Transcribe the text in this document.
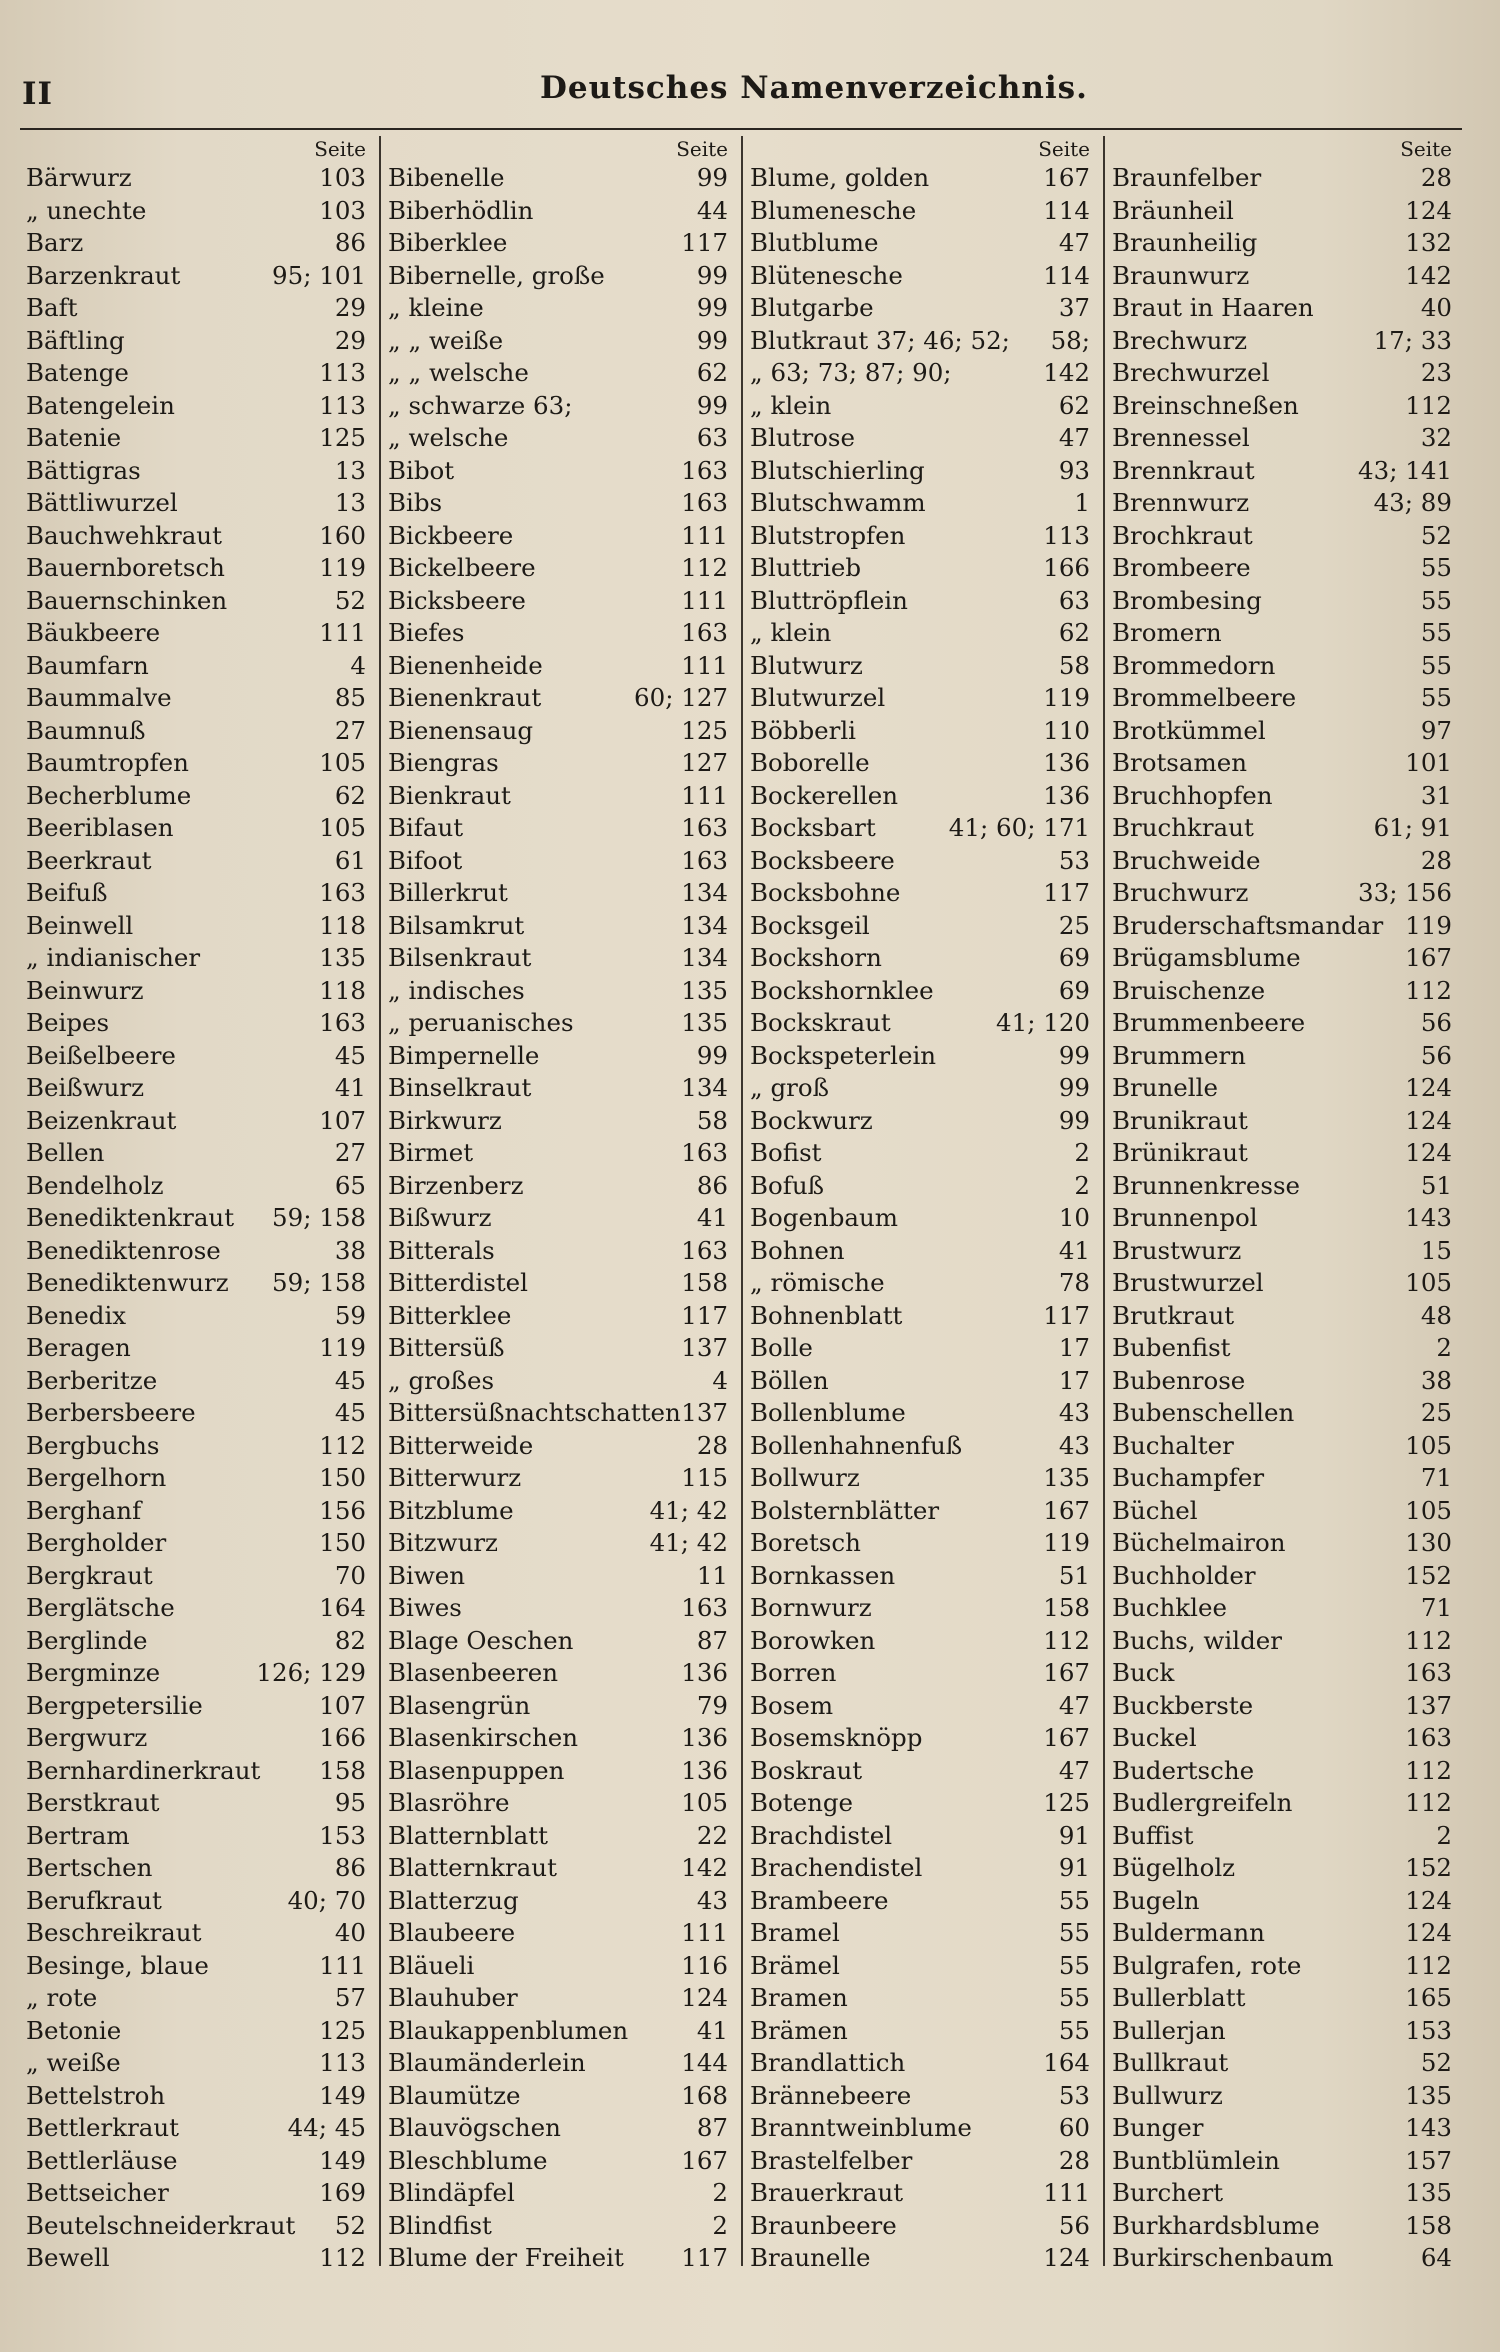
II	Deutsches Namenverzeichnis.
Seite
Bärwurz	103
„ unechte	103
Barz	86
Barzenkraut	95; 101
Baft	29
Bäftling	29
Batenge	113
Batengelein	113
Batenie	125
Bättigras	13
Bättliwurzel	13
Bauchwehkraut	160
Bauernboretsch	119
Bauernschinken	52
Bäukbeere	111
Baumfarn	4
Baummalve	85
Baumnuß	27
Baumtropfen	105
Becherblume	62
Beeriblasen	105
Beerkraut	61
Beifuß	163
Beinwell	118
„ indianischer	135
Beinwurz	118
Beipes	163
Beißelbeere	45
Beißwurz	41
Beizenkraut	107
Bellen	27
Bendelholz	65
Benediktenkraut 59; 158
Benediktenrose	38
Benediktenwurz 59; 158
Benedix	59
Beragen	119
Berberitze	45
Berbersbeere	45
Bergbuchs	112
Bergelhorn	150
Berghanf	156
Bergholder	150
Bergkraut	70
Berglätsche	164
Berglinde	82
Bergminze	126; 129
Bergpetersilie	107
Bergwurz	166
Bernhardinerkraut 158
Berstkraut	95
Bertram	153
Bertschen	86
Berufkraut	40; 70
Beschreikraut	40
Besinge, blaue	111
„ rote	57
Betonie	125
„ weiße	113
Bettelstroh	149
Bettlerkraut	44; 45
Bettlerläuse	149
Bettseicher	169
Beutelschneiderkraut 52
Bewell	112
Seite
Bibenelle	99
Biberhödlin	44
Biberklee	117
Bibernelle, große	99
„ kleine	99
„ „ weiße	99
„ „ welsche	62
„ schwarze 63;	99
„ welsche	63
Bibot	163
Bibs	163
Bickbeere	111
Bickelbeere	112
Bicksbeere	111
Biefes	163
Bienenheide	111
Bienenkraut	60; 127
Bienensaug	125
Biengras	127
Bienkraut	111
Bifaut	163
Bifoot	163
Billerkrut	134
Bilsamkrut	134
Bilsenkraut	134
„ indisches	135
„ peruanisches	135
Bimpernelle	99
Binselkraut	134
Birkwurz	58
Birmet	163
Birzenberz	86
Bißwurz	41
Bitterals	163
Bitterdistel	158
Bitterklee	117
Bittersüß	137
„ großes	4
Bittersüßnachtschatten 137
Bitterweide	28
Bitterwurz	115
Bitzblume	41; 42
Bitzwurz	41; 42
Biwen	11
Biwes	163
Blage Oeschen	87
Blasenbeeren	136
Blasengrün	79
Blasenkirschen	136
Blasenpuppen	136
Blasröhre	105
Blatternblatt	22
Blatternkraut	142
Blatterzug	43
Blaubeere	111
Bläueli	116
Blauhuber	124
Blaukappenblumen	41
Blaumänderlein	144
Blaumütze	168
Blauvögschen	87
Bleschblume	167
Blindäpfel	2
Blindfist	2
Blume der Freiheit 117
Seite
Blume, golden	167
Blumenesche	114
Blutblume	47
Blütenesche	114
Blutgarbe	37
Blutkraut 37; 46; 52; 58;
„ 63; 73; 87; 90;	142
„ klein	62
Blutrose	47
Blutschierling	93
Blutschwamm	1
Blutstropfen	113
Bluttrieb	166
Bluttröpflein	63
„ klein	62
Blutwurz	58
Blutwurzel	119
Böbberli	110
Boborelle	136
Bockerellen	136
Bocksbart	41; 60; 171
Bocksbeere	53
Bocksbohne	117
Bocksgeil	25
Bockshorn	69
Bockshornklee	69
Bockskraut	41; 120
Bockspeterlein	99
„ groß	99
Bockwurz	99
Bofist	2
Bofuß	2
Bogenbaum	10
Bohnen	41
„ römische	78
Bohnenblatt	117
Bolle	17
Böllen	17
Bollenblume	43
Bollenhahnenfuß	43
Bollwurz	135
Bolsternblätter	167
Boretsch	119
Bornkassen	51
Bornwurz	158
Borowken	112
Borren	167
Bosem	47
Bosemsknöpp	167
Boskraut	47
Botenge	125
Brachdistel	91
Brachendistel	91
Brambeere	55
Bramel	55
Brämel	55
Bramen	55
Brämen	55
Brandlattich	164
Brännebeere	53
Branntweinblume	60
Brastelfelber	28
Brauerkraut	111
Braunbeere	56
Braunelle	124
Seite
Braunfelber	28
Bräunheil	124
Braunheilig	132
Braunwurz	142
Braut in Haaren	40
Brechwurz	17; 33
Brechwurzel	23
Breinschneßen	112
Brennessel	32
Brennkraut	43; 141
Brennwurz	43; 89
Brochkraut	52
Brombeere	55
Brombesing	55
Bromern	55
Brommedorn	55
Brommelbeere	55
Brotkümmel	97
Brotsamen	101
Bruchhopfen	31
Bruchkraut	61; 91
Bruchweide	28
Bruchwurz	33; 156
Bruderschaftsmandar 119
Brügamsblume	167
Bruischenze	112
Brummenbeere	56
Brummern	56
Brunelle	124
Brunikraut	124
Brünikraut	124
Brunnenkresse	51
Brunnenpol	143
Brustwurz	15
Brustwurzel	105
Brutkraut	48
Bubenfist	2
Bubenrose	38
Bubenschellen	25
Buchalter	105
Buchampfer	71
Büchel	105
Büchelmairon	130
Buchholder	152
Buchklee	71
Buchs, wilder	112
Buck	163
Buckberste	137
Buckel	163
Budertsche	112
Budlergreifeln	112
Buffist	2
Bügelholz	152
Bugeln	124
Buldermann	124
Bulgrafen, rote	112
Bullerblatt	165
Bullerjan	153
Bullkraut	52
Bullwurz	135
Bunger	143
Buntblümlein	157
Burchert	135
Burkhardsblume	158
Burkirschenbaum	64
